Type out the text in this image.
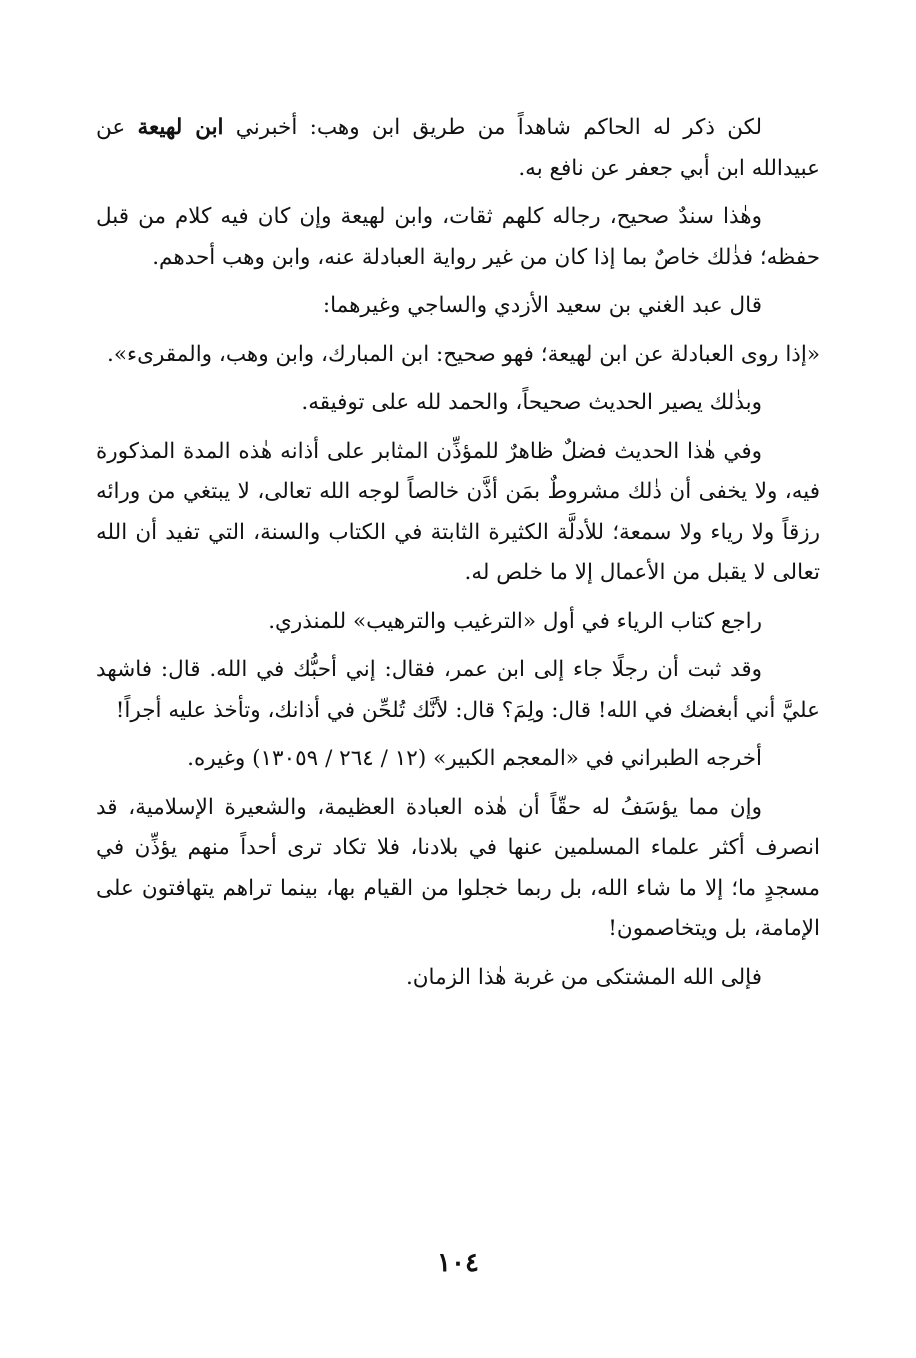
لكن ذكر له الحاكم شاهداً من طريق ابن وهب: أخبرني ابن لهيعة عن عبيدالله ابن أبي جعفر عن نافع به.

وهٰذا سندٌ صحيح، رجاله كلهم ثقات، وابن لهيعة وإن كان فيه كلام من قبل حفظه؛ فذٰلك خاصٌ بما إذا كان من غير رواية العبادلة عنه، وابن وهب أحدهم.

قال عبد الغني بن سعيد الأزدي والساجي وغيرهما:

«إذا روى العبادلة عن ابن لهيعة؛ فهو صحيح: ابن المبارك، وابن وهب، والمقرىء».

وبذٰلك يصير الحديث صحيحاً، والحمد لله على توفيقه.

وفي هٰذا الحديث فضلٌ ظاهرٌ للمؤذِّن المثابر على أذانه هٰذه المدة المذكورة فيه، ولا يخفى أن ذٰلك مشروطٌ بمَن أذَّن خالصاً لوجه الله تعالى، لا يبتغي من ورائه رزقاً ولا رياء ولا سمعة؛ للأدلَّة الكثيرة الثابتة في الكتاب والسنة، التي تفيد أن الله تعالى لا يقبل من الأعمال إلا ما خلص له.

راجع كتاب الرياء في أول «الترغيب والترهيب» للمنذري.

وقد ثبت أن رجلًا جاء إلى ابن عمر، فقال: إني أحبُّك في الله. قال: فاشهد عليَّ أني أبغضك في الله! قال: ولِمَ؟ قال: لأنَّك تُلحِّن في أذانك، وتأخذ عليه أجراً!

أخرجه الطبراني في «المعجم الكبير» (١٢ / ٢٦٤ / ١٣٠٥٩) وغيره.

وإن مما يؤسَفُ له حقّاً أن هٰذه العبادة العظيمة، والشعيرة الإسلامية، قد انصرف أكثر علماء المسلمين عنها في بلادنا، فلا تكاد ترى أحداً منهم يؤذِّن في مسجدٍ ما؛ إلا ما شاء الله، بل ربما خجلوا من القيام بها، بينما تراهم يتهافتون على الإمامة، بل ويتخاصمون!

فإلى الله المشتكى من غربة هٰذا الزمان.

١٠٤
